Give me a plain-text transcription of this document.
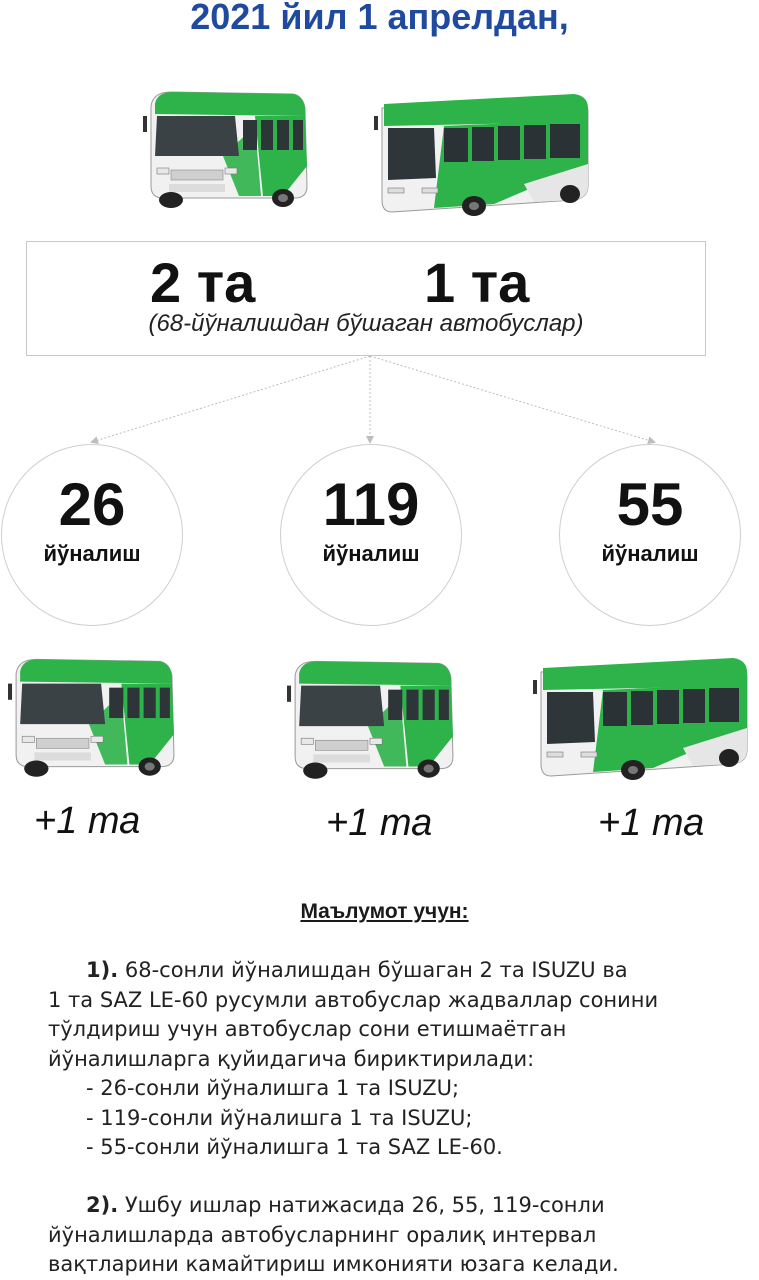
2021 йил 1 апрелдан,
2 та	1 та
(68-йўналишдан бўшаган автобуслар)
26
йўналиш
119
йўналиш
55
йўналиш
+1 та	+1 та	+1 та
Маълумот учун:

1). 68-сонли йўналишдан бўшаган 2 та ISUZU ва

1 та SAZ LE-60 русумли автобуслар жадваллар сонини

тўлдириш учун автобуслар сони етишмаётган

йўналишларга қуйидагича бириктирилади:

- 26-сонли йўналишга 1 та ISUZU;

- 119-сонли йўналишга 1 та ISUZU;

- 55-сонли йўналишга 1 та SAZ LE-60.

2). Ушбу ишлар натижасида 26, 55, 119-сонли

йўналишларда автобусларнинг оралиқ интервал

вақтларини камайтириш имконияти юзага келади.
